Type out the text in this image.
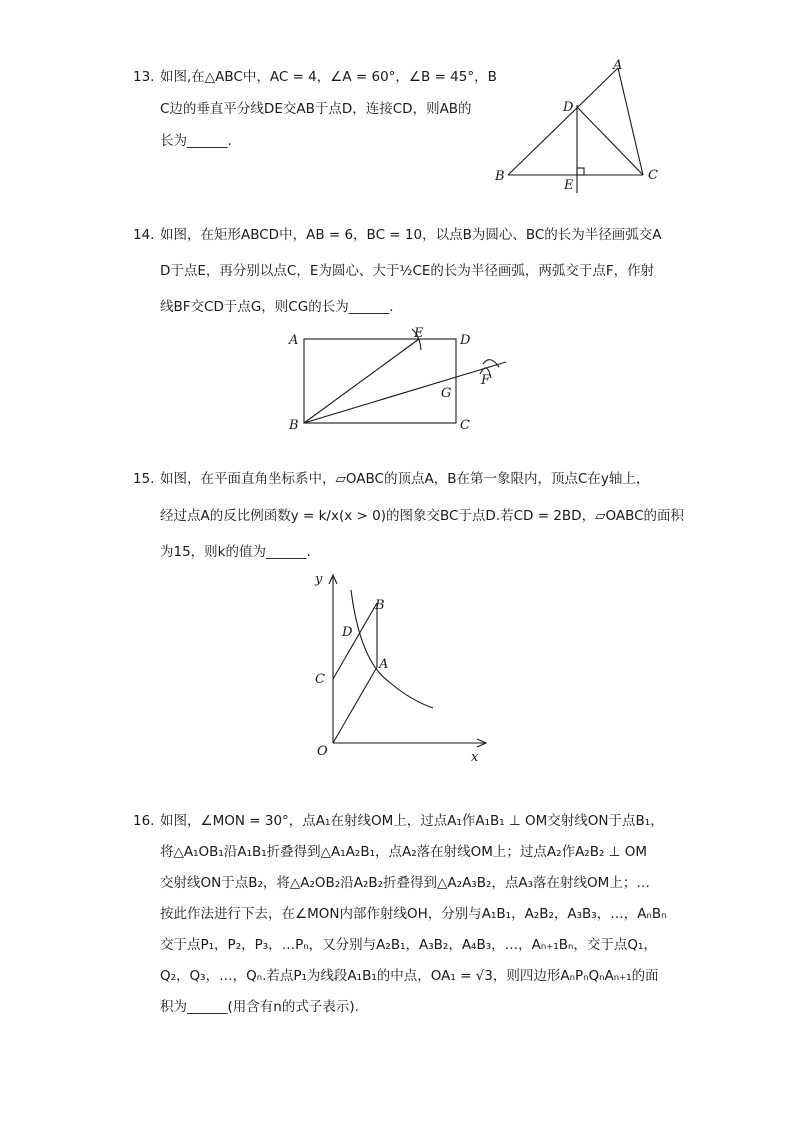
13. 如图,在△ABC中，AC = 4，∠A = 60°，∠B = 45°，B
C边的垂直平分线DE交AB于点D，连接CD，则AB的
长为______.
A
B	C
D
E
14. 如图，在矩形ABCD中，AB = 6，BC = 10，以点B为圆心、BC的长为半径画弧交A
D于点E，再分别以点C，E为圆心、大于½CE的长为半径画弧，两弧交于点F，作射
线BF交CD于点G，则CG的长为______.
A
B	C
D
E
F
G
15. 如图，在平面直角坐标系中，▱OABC的顶点A，B在第一象限内，顶点C在y轴上，
经过点A的反比例函数y = k/x(x > 0)的图象交BC于点D.若CD = 2BD，▱OABC的面积
为15，则k的值为______.
y
x
O
A
B
C
D
16. 如图，∠MON = 30°，点A₁在射线OM上，过点A₁作A₁B₁ ⊥ OM交射线ON于点B₁，
将△A₁OB₁沿A₁B₁折叠得到△A₁A₂B₁，点A₂落在射线OM上；过点A₂作A₂B₂ ⊥ OM
交射线ON于点B₂，将△A₂OB₂沿A₂B₂折叠得到△A₂A₃B₂，点A₃落在射线OM上；…
按此作法进行下去，在∠MON内部作射线OH，分别与A₁B₁，A₂B₂，A₃B₃，…，AₙBₙ
交于点P₁，P₂，P₃，…Pₙ，又分别与A₂B₁，A₃B₂，A₄B₃，…，Aₙ₊₁Bₙ，交于点Q₁，
Q₂，Q₃，…，Qₙ.若点P₁为线段A₁B₁的中点，OA₁ = √3，则四边形AₙPₙQₙAₙ₊₁的面
积为______(用含有n的式子表示).
